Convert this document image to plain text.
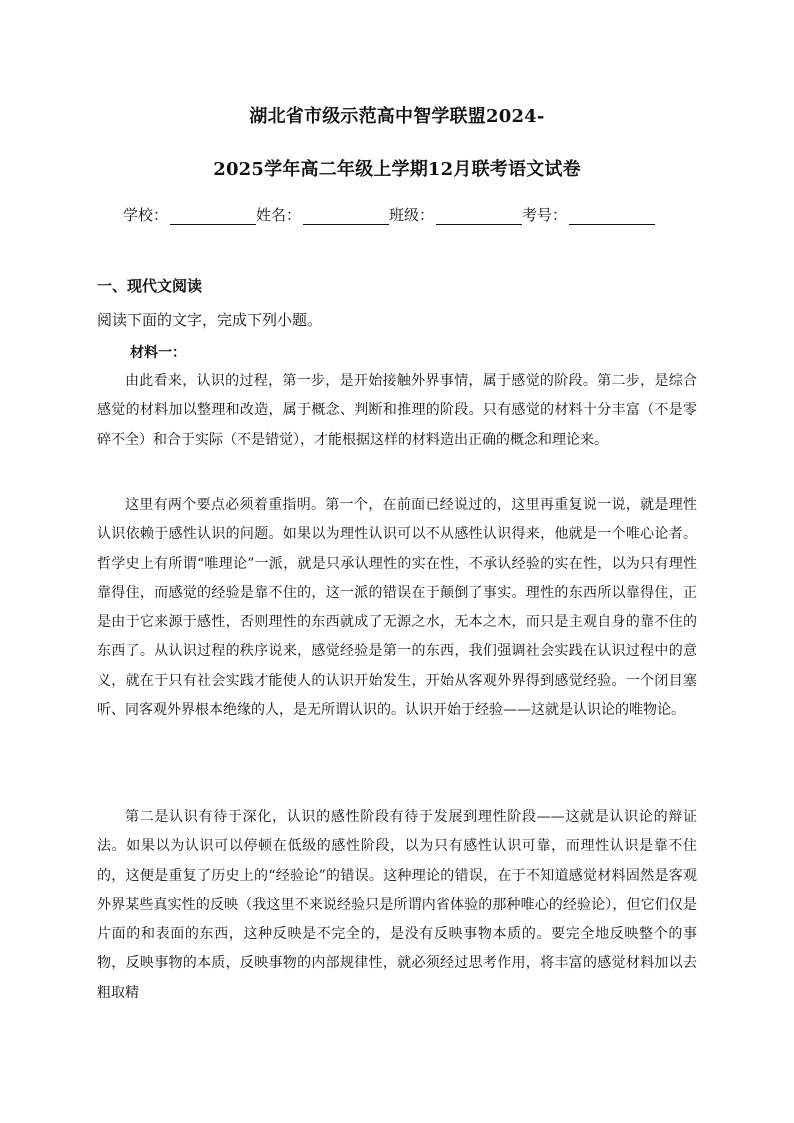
湖北省市级示范高中智学联盟2024-
2025学年高二年级上学期12月联考语文试卷
学校：	姓名：	班级：	考号：
一、现代文阅读
阅读下面的文字，完成下列小题。
材料一：

由此看来，认识的过程，第一步，是开始接触外界事情，属于感觉的阶段。第二步，是综合感觉的材料加以整理和改造，属于概念、判断和推理的阶段。只有感觉的材料十分丰富（不是零碎不全）和合于实际（不是错觉），才能根据这样的材料造出正确的概念和理论来。

这里有两个要点必须着重指明。第一个，在前面已经说过的，这里再重复说一说，就是理性认识依赖于感性认识的问题。如果以为理性认识可以不从感性认识得来，他就是一个唯心论者。哲学史上有所谓“唯理论”一派，就是只承认理性的实在性，不承认经验的实在性，以为只有理性靠得住，而感觉的经验是靠不住的，这一派的错误在于颠倒了事实。理性的东西所以靠得住，正是由于它来源于感性，否则理性的东西就成了无源之水，无本之木，而只是主观自身的靠不住的东西了。从认识过程的秩序说来，感觉经验是第一的东西，我们强调社会实践在认识过程中的意义，就在于只有社会实践才能使人的认识开始发生，开始从客观外界得到感觉经验。一个闭目塞听、同客观外界根本绝缘的人，是无所谓认识的。认识开始于经验——这就是认识论的唯物论。

第二是认识有待于深化，认识的感性阶段有待于发展到理性阶段——这就是认识论的辩证法。如果以为认识可以停顿在低级的感性阶段，以为只有感性认识可靠，而理性认识是靠不住的，这便是重复了历史上的“经验论”的错误。这种理论的错误，在于不知道感觉材料固然是客观外界某些真实性的反映（我这里不来说经验只是所谓内省体验的那种唯心的经验论），但它们仅是片面的和表面的东西，这种反映是不完全的，是没有反映事物本质的。要完全地反映整个的事物，反映事物的本质，反映事物的内部规律性，就必须经过思考作用，将丰富的感觉材料加以去粗取精
